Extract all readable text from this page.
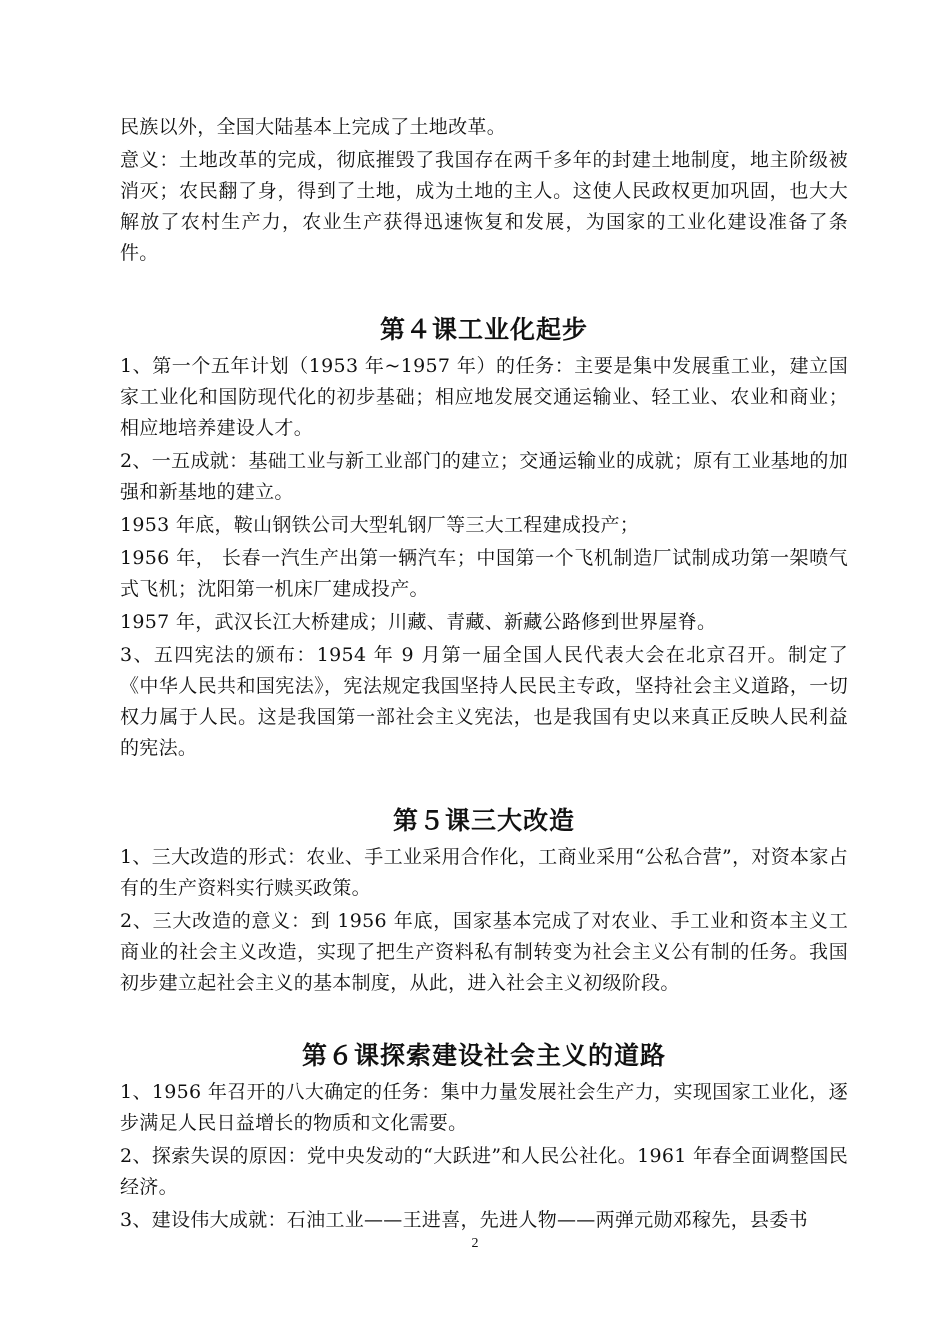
民族以外，全国大陆基本上完成了土地改革。

意义：土地改革的完成，彻底摧毁了我国存在两千多年的封建土地制度，地主阶级被消灭；农民翻了身，得到了土地，成为土地的主人。这使人民政权更加巩固，也大大解放了农村生产力，农业生产获得迅速恢复和发展，为国家的工业化建设准备了条件。

第４课工业化起步

1、第一个五年计划（1953 年~1957 年）的任务：主要是集中发展重工业，建立国家工业化和国防现代化的初步基础；相应地发展交通运输业、轻工业、农业和商业；相应地培养建设人才。

2、一五成就：基础工业与新工业部门的建立；交通运输业的成就；原有工业基地的加强和新基地的建立。

1953 年底，鞍山钢铁公司大型轧钢厂等三大工程建成投产；

1956 年， 长春一汽生产出第一辆汽车；中国第一个飞机制造厂试制成功第一架喷气式飞机；沈阳第一机床厂建成投产。

1957 年，武汉长江大桥建成；川藏、青藏、新藏公路修到世界屋脊。

3、五四宪法的颁布：1954 年 9 月第一届全国人民代表大会在北京召开。制定了《中华人民共和国宪法》，宪法规定我国坚持人民民主专政，坚持社会主义道路，一切权力属于人民。这是我国第一部社会主义宪法，也是我国有史以来真正反映人民利益的宪法。

第５课三大改造

1、三大改造的形式：农业、手工业采用合作化，工商业采用“公私合营”，对资本家占有的生产资料实行赎买政策。

2、三大改造的意义：到 1956 年底，国家基本完成了对农业、手工业和资本主义工商业的社会主义改造，实现了把生产资料私有制转变为社会主义公有制的任务。我国初步建立起社会主义的基本制度，从此，进入社会主义初级阶段。

第６课探索建设社会主义的道路

1、1956 年召开的八大确定的任务：集中力量发展社会生产力，实现国家工业化，逐步满足人民日益增长的物质和文化需要。

2、探索失误的原因：党中央发动的“大跃进”和人民公社化。1961 年春全面调整国民经济。

3、建设伟大成就：石油工业——王进喜，先进人物——两弹元勋邓稼先，县委书

2
